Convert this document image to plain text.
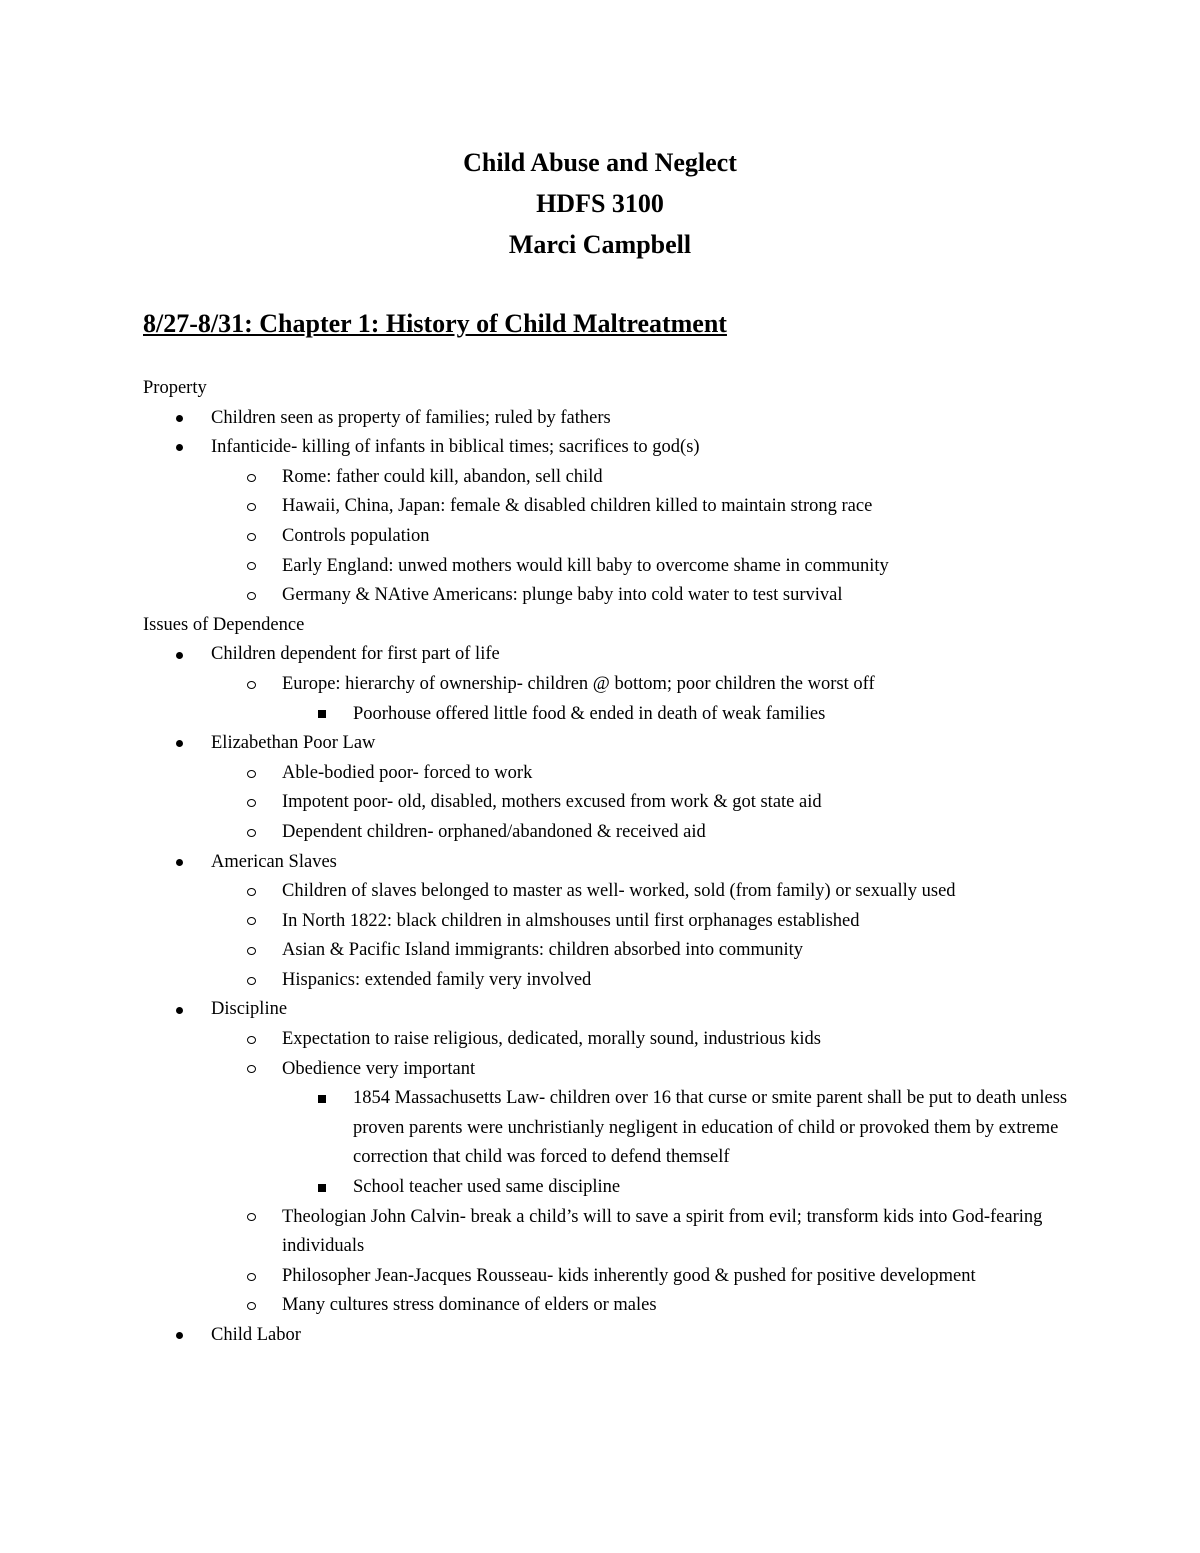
Child Abuse and Neglect
HDFS 3100
Marci Campbell
8/27-8/31: Chapter 1: History of Child Maltreatment
Property
Children seen as property of families; ruled by fathers
Infanticide- killing of infants in biblical times; sacrifices to god(s)
Rome: father could kill, abandon, sell child
Hawaii, China, Japan: female & disabled children killed to maintain strong race
Controls population
Early England: unwed mothers would kill baby to overcome shame in community
Germany & NAtive Americans: plunge baby into cold water to test survival
Issues of Dependence
Children dependent for first part of life
Europe: hierarchy of ownership- children @ bottom; poor children the worst off
Poorhouse offered little food & ended in death of weak families
Elizabethan Poor Law
Able-bodied poor- forced to work
Impotent poor- old, disabled, mothers excused from work & got state aid
Dependent children- orphaned/abandoned & received aid
American Slaves
Children of slaves belonged to master as well- worked, sold (from family) or sexually used
In North 1822: black children in almshouses until first orphanages established
Asian & Pacific Island immigrants: children absorbed into community
Hispanics: extended family very involved
Discipline
Expectation to raise religious, dedicated, morally sound, industrious kids
Obedience very important
1854 Massachusetts Law- children over 16 that curse or smite parent shall be put to death unless proven parents were unchristianly negligent in education of child or provoked them by extreme correction that child was forced to defend themself
School teacher used same discipline
Theologian John Calvin- break a child’s will to save a spirit from evil; transform kids into God-fearing individuals
Philosopher Jean-Jacques Rousseau- kids inherently good & pushed for positive development
Many cultures stress dominance of elders or males
Child Labor
